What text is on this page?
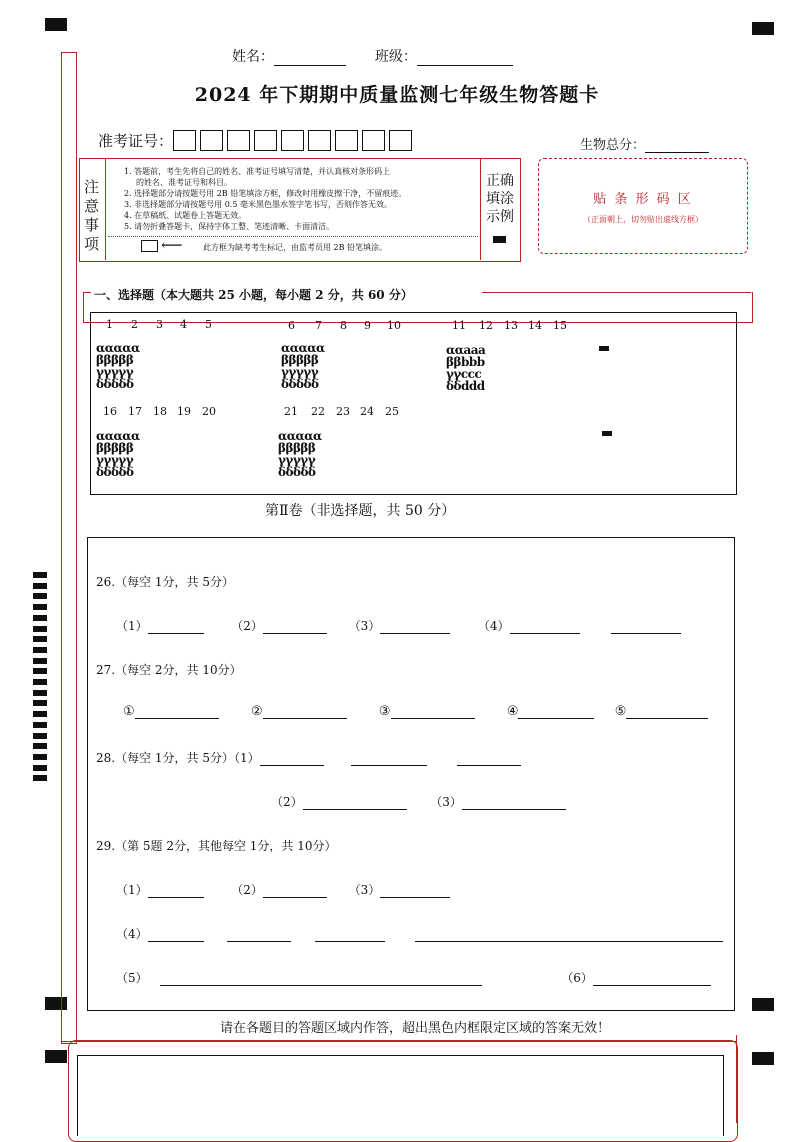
姓名：	班级：
2024 年下期期中质量监测七年级生物答题卡
准考证号：	生物总分：
注意事项
1. 答题前，考生先将自己的姓名、准考证号填写清楚，并认真核对条形码上
的姓名、准考证号和科目。
2. 选择题部分请按题号用 2B 铅笔填涂方框，修改时用橡皮擦干净，不留痕迹。
3. 非选择题部分请按题号用 0.5 毫米黑色墨水签字笔书写，否则作答无效。
4. 在草稿纸、试题卷上答题无效。
5. 请勿折叠答题卡，保持字体工整、笔迹清晰、卡面清洁。
⟵	此方框为缺考考生标记，由监考员用 2B 铅笔填涂。
正确填涂示例
贴 条 形 码 区
（正面朝上，切勿贴出虚线方框）
一、选择题（本大题共 25 小题，每小题 2 分，共 60 分）
1 2 3 4 5
ααααα
βββββ
γγγγγ
δδδδδ
6 7 8 9 10
ααααα
βββββ
γγγγγ
δδδδδ
11 12 13 14 15
ααaaa
ββbbb
γγccc
δδddd
16 17 18 19 20
ααααα
βββββ
γγγγγ
δδδδδ
21 22 23 24 25
ααααα
βββββ
γγγγγ
δδδδδ
第Ⅱ卷（非选择题，共 50 分）
26.（每空 1分，共 5分）
（1）	（2）	（3）	（4）
27.（每空 2分，共 10分）
①	②	③	④	⑤
28.（每空 1分，共 5分）（1）
（2）	（3）
29.（第 5题 2分，其他每空 1分，共 10分）
（1）	（2）	（3）
（4）
（5）	（6）
请在各题目的答题区域内作答，超出黑色内框限定区域的答案无效！
